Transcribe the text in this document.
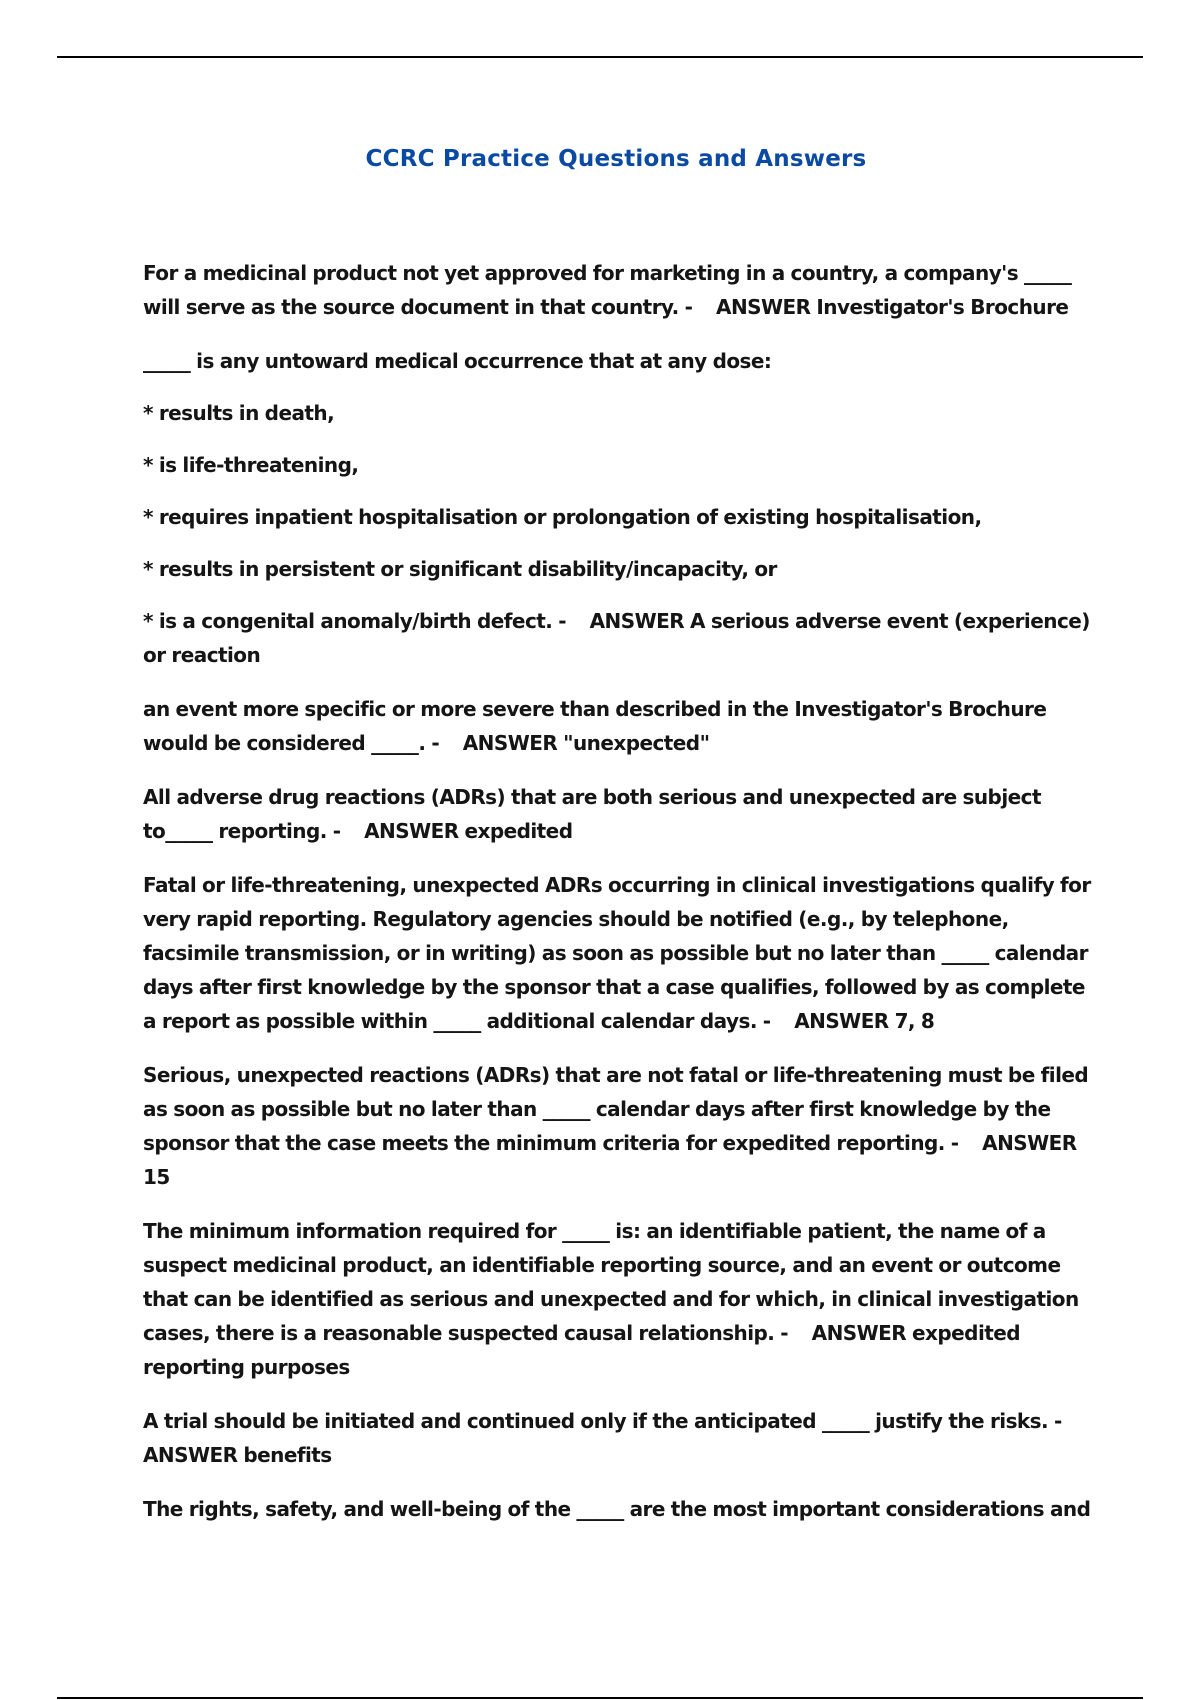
CCRC Practice Questions and Answers

For a medicinal product not yet approved for marketing in a country, a company's _____ will serve as the source document in that country. -    ANSWER Investigator's Brochure

_____ is any untoward medical occurrence that at any dose:

* results in death,

* is life-threatening,

* requires inpatient hospitalisation or prolongation of existing hospitalisation,

* results in persistent or significant disability/incapacity, or

* is a congenital anomaly/birth defect. -    ANSWER A serious adverse event (experience) or reaction

an event more specific or more severe than described in the Investigator's Brochure would be considered _____. -    ANSWER "unexpected"

All adverse drug reactions (ADRs) that are both serious and unexpected are subject to_____ reporting. -    ANSWER expedited

Fatal or life-threatening, unexpected ADRs occurring in clinical investigations qualify for very rapid reporting. Regulatory agencies should be notified (e.g., by telephone, facsimile transmission, or in writing) as soon as possible but no later than _____ calendar days after first knowledge by the sponsor that a case qualifies, followed by as complete a report as possible within _____ additional calendar days. -    ANSWER 7, 8

Serious, unexpected reactions (ADRs) that are not fatal or life-threatening must be filed as soon as possible but no later than _____ calendar days after first knowledge by the sponsor that the case meets the minimum criteria for expedited reporting. -    ANSWER 15

The minimum information required for _____ is: an identifiable patient, the name of a suspect medicinal product, an identifiable reporting source, and an event or outcome that can be identified as serious and unexpected and for which, in clinical investigation cases, there is a reasonable suspected causal relationship. -    ANSWER expedited reporting purposes

A trial should be initiated and continued only if the anticipated _____ justify the risks. - ANSWER benefits

The rights, safety, and well-being of the _____ are the most important considerations and
